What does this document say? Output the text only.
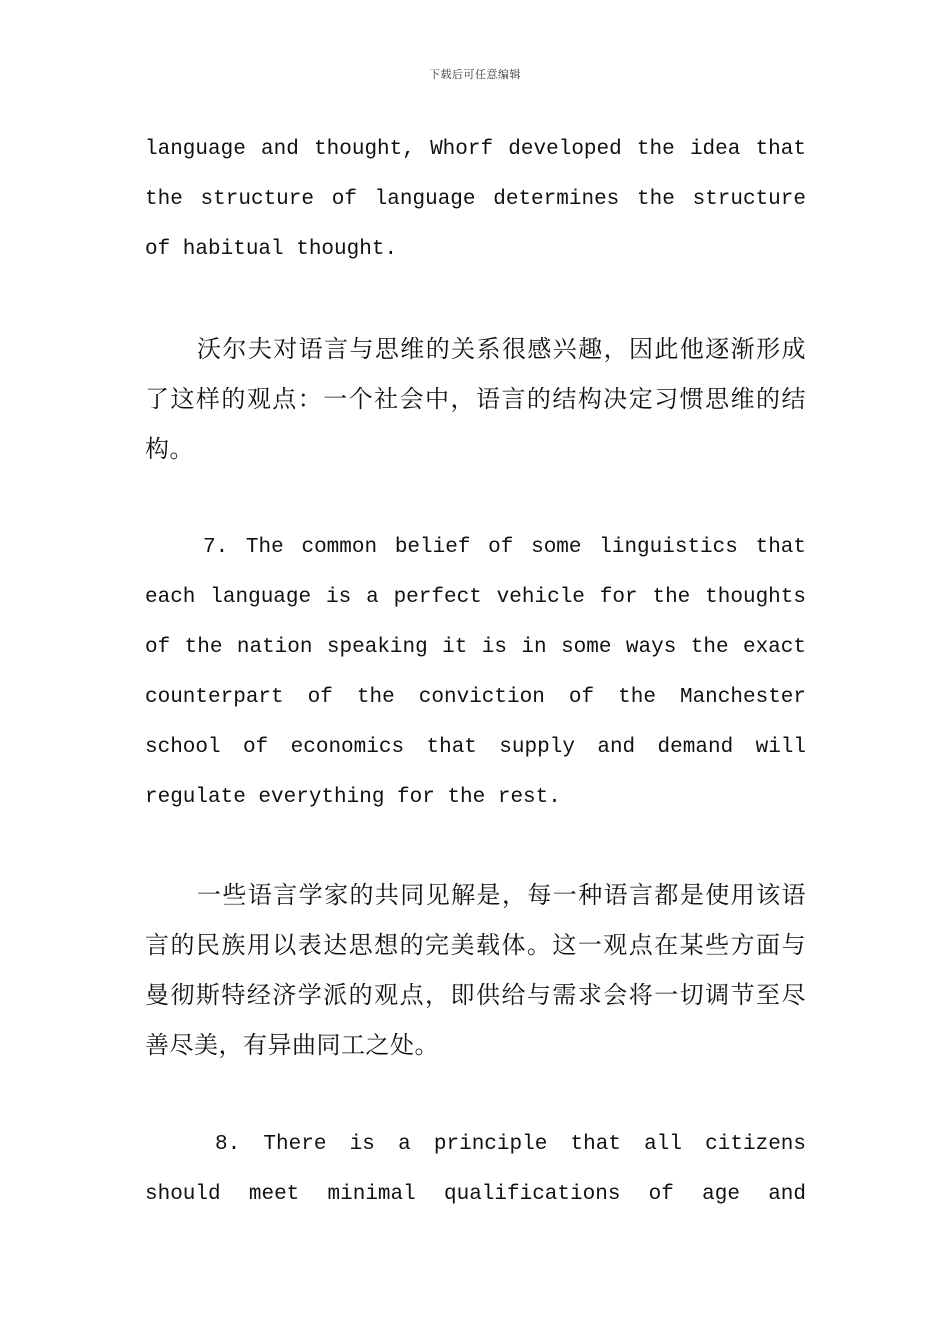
下载后可任意编辑

language and thought, Whorf developed the idea that the structure of language determines the structure of habitual thought.

沃尔夫对语言与思维的关系很感兴趣，因此他逐渐形成了这样的观点：一个社会中，语言的结构决定习惯思维的结构。

7. The common belief of some linguistics that each language is a perfect vehicle for the thoughts of the nation speaking it is in some ways the exact counterpart of the conviction of the Manchester school of economics that supply and demand will regulate everything for the rest.

一些语言学家的共同见解是，每一种语言都是使用该语言的民族用以表达思想的完美载体。这一观点在某些方面与曼彻斯特经济学派的观点，即供给与需求会将一切调节至尽善尽美，有异曲同工之处。

8. There is a principle that all citizens should meet minimal qualifications of age and
